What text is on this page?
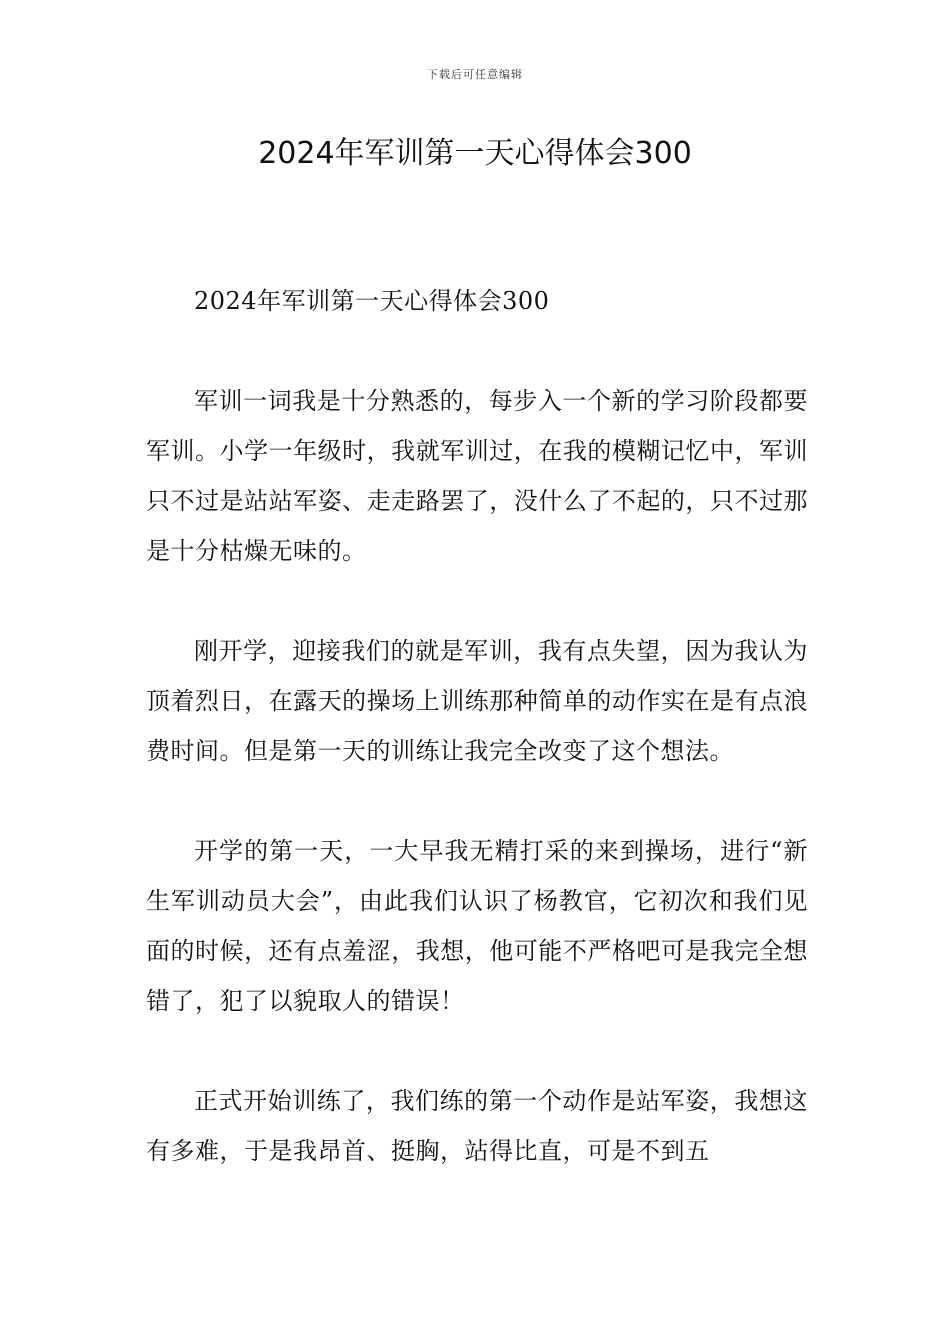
下载后可任意编辑
2024年军训第一天心得体会300

2024年军训第一天心得体会300

军训一词我是十分熟悉的，每步入一个新的学习阶段都要军训。小学一年级时，我就军训过，在我的模糊记忆中，军训只不过是站站军姿、走走路罢了，没什么了不起的，只不过那是十分枯燥无味的。

刚开学，迎接我们的就是军训，我有点失望，因为我认为顶着烈日，在露天的操场上训练那种简单的动作实在是有点浪费时间。但是第一天的训练让我完全改变了这个想法。

开学的第一天，一大早我无精打采的来到操场，进行“新生军训动员大会”，由此我们认识了杨教官，它初次和我们见面的时候，还有点羞涩，我想，他可能不严格吧可是我完全想错了，犯了以貌取人的错误！

正式开始训练了，我们练的第一个动作是站军姿，我想这有多难，于是我昂首、挺胸，站得比直，可是不到五
